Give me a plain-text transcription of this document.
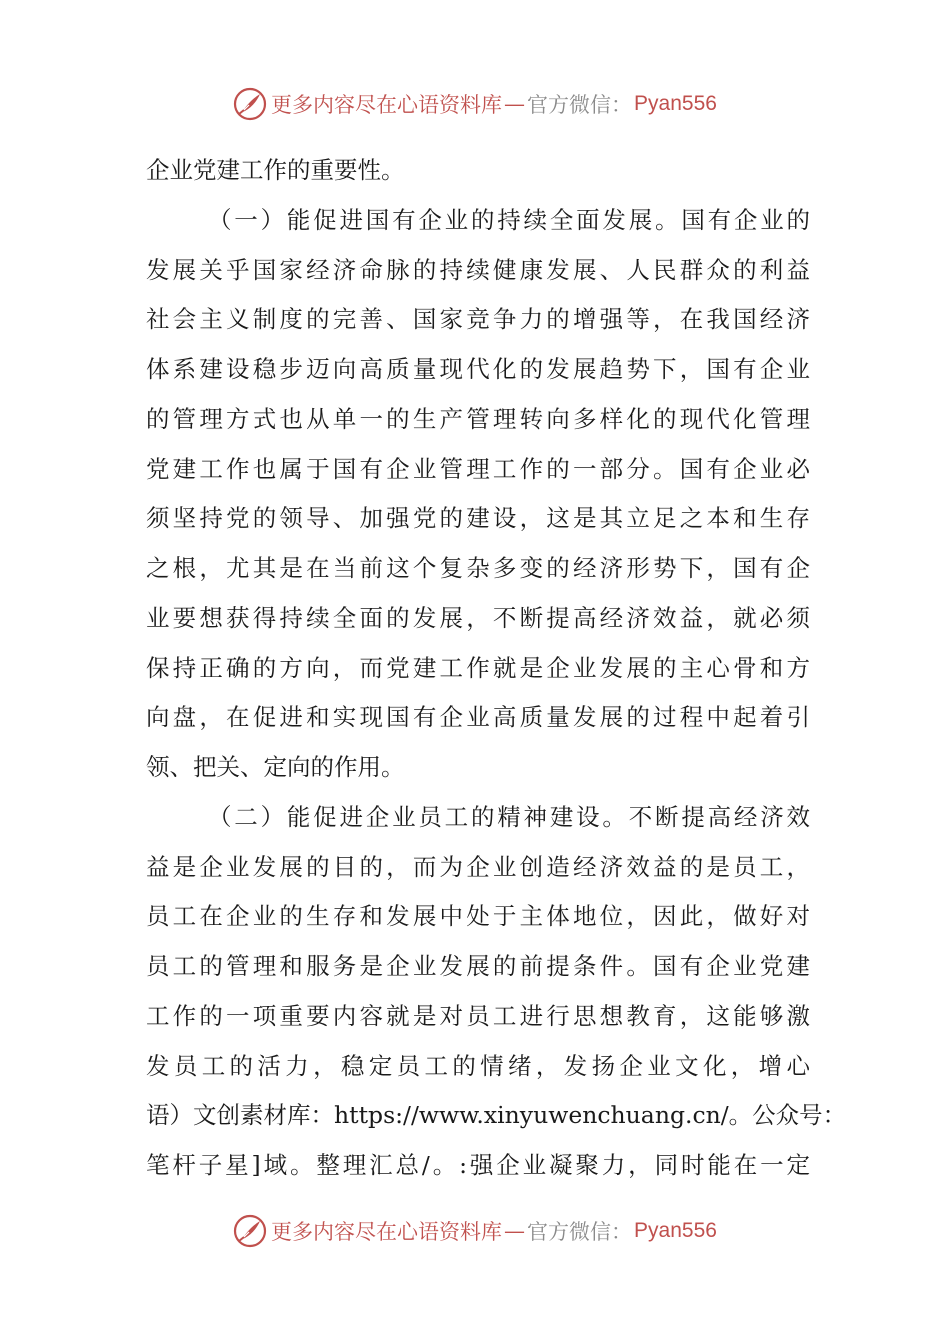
更多内容尽在心语资料库 — 官方微信： Pyan556
企业党建工作的重要性。
（一）能促进国有企业的持续全面发展。国有企业的
发展关乎国家经济命脉的持续健康发展、人民群众的利益
社会主义制度的完善、国家竞争力的增强等，在我国经济
体系建设稳步迈向高质量现代化的发展趋势下，国有企业
的管理方式也从单一的生产管理转向多样化的现代化管理
党建工作也属于国有企业管理工作的一部分。国有企业必
须坚持党的领导、加强党的建设，这是其立足之本和生存
之根，尤其是在当前这个复杂多变的经济形势下，国有企
业要想获得持续全面的发展，不断提高经济效益，就必须
保持正确的方向，而党建工作就是企业发展的主心骨和方
向盘，在促进和实现国有企业高质量发展的过程中起着引
领、把关、定向的作用。
（二）能促进企业员工的精神建设。不断提高经济效
益是企业发展的目的，而为企业创造经济效益的是员工，
员工在企业的生存和发展中处于主体地位，因此，做好对
员工的管理和服务是企业发展的前提条件。国有企业党建
工作的一项重要内容就是对员工进行思想教育，这能够激
发员工的活力，稳定员工的情绪，发扬企业文化，增心
语）文创素材库：https://www.xinyuwenchuang.cn/。公众号：
笔杆子星]域。整理汇总/。:强企业凝聚力，同时能在一定
更多内容尽在心语资料库 — 官方微信： Pyan556
